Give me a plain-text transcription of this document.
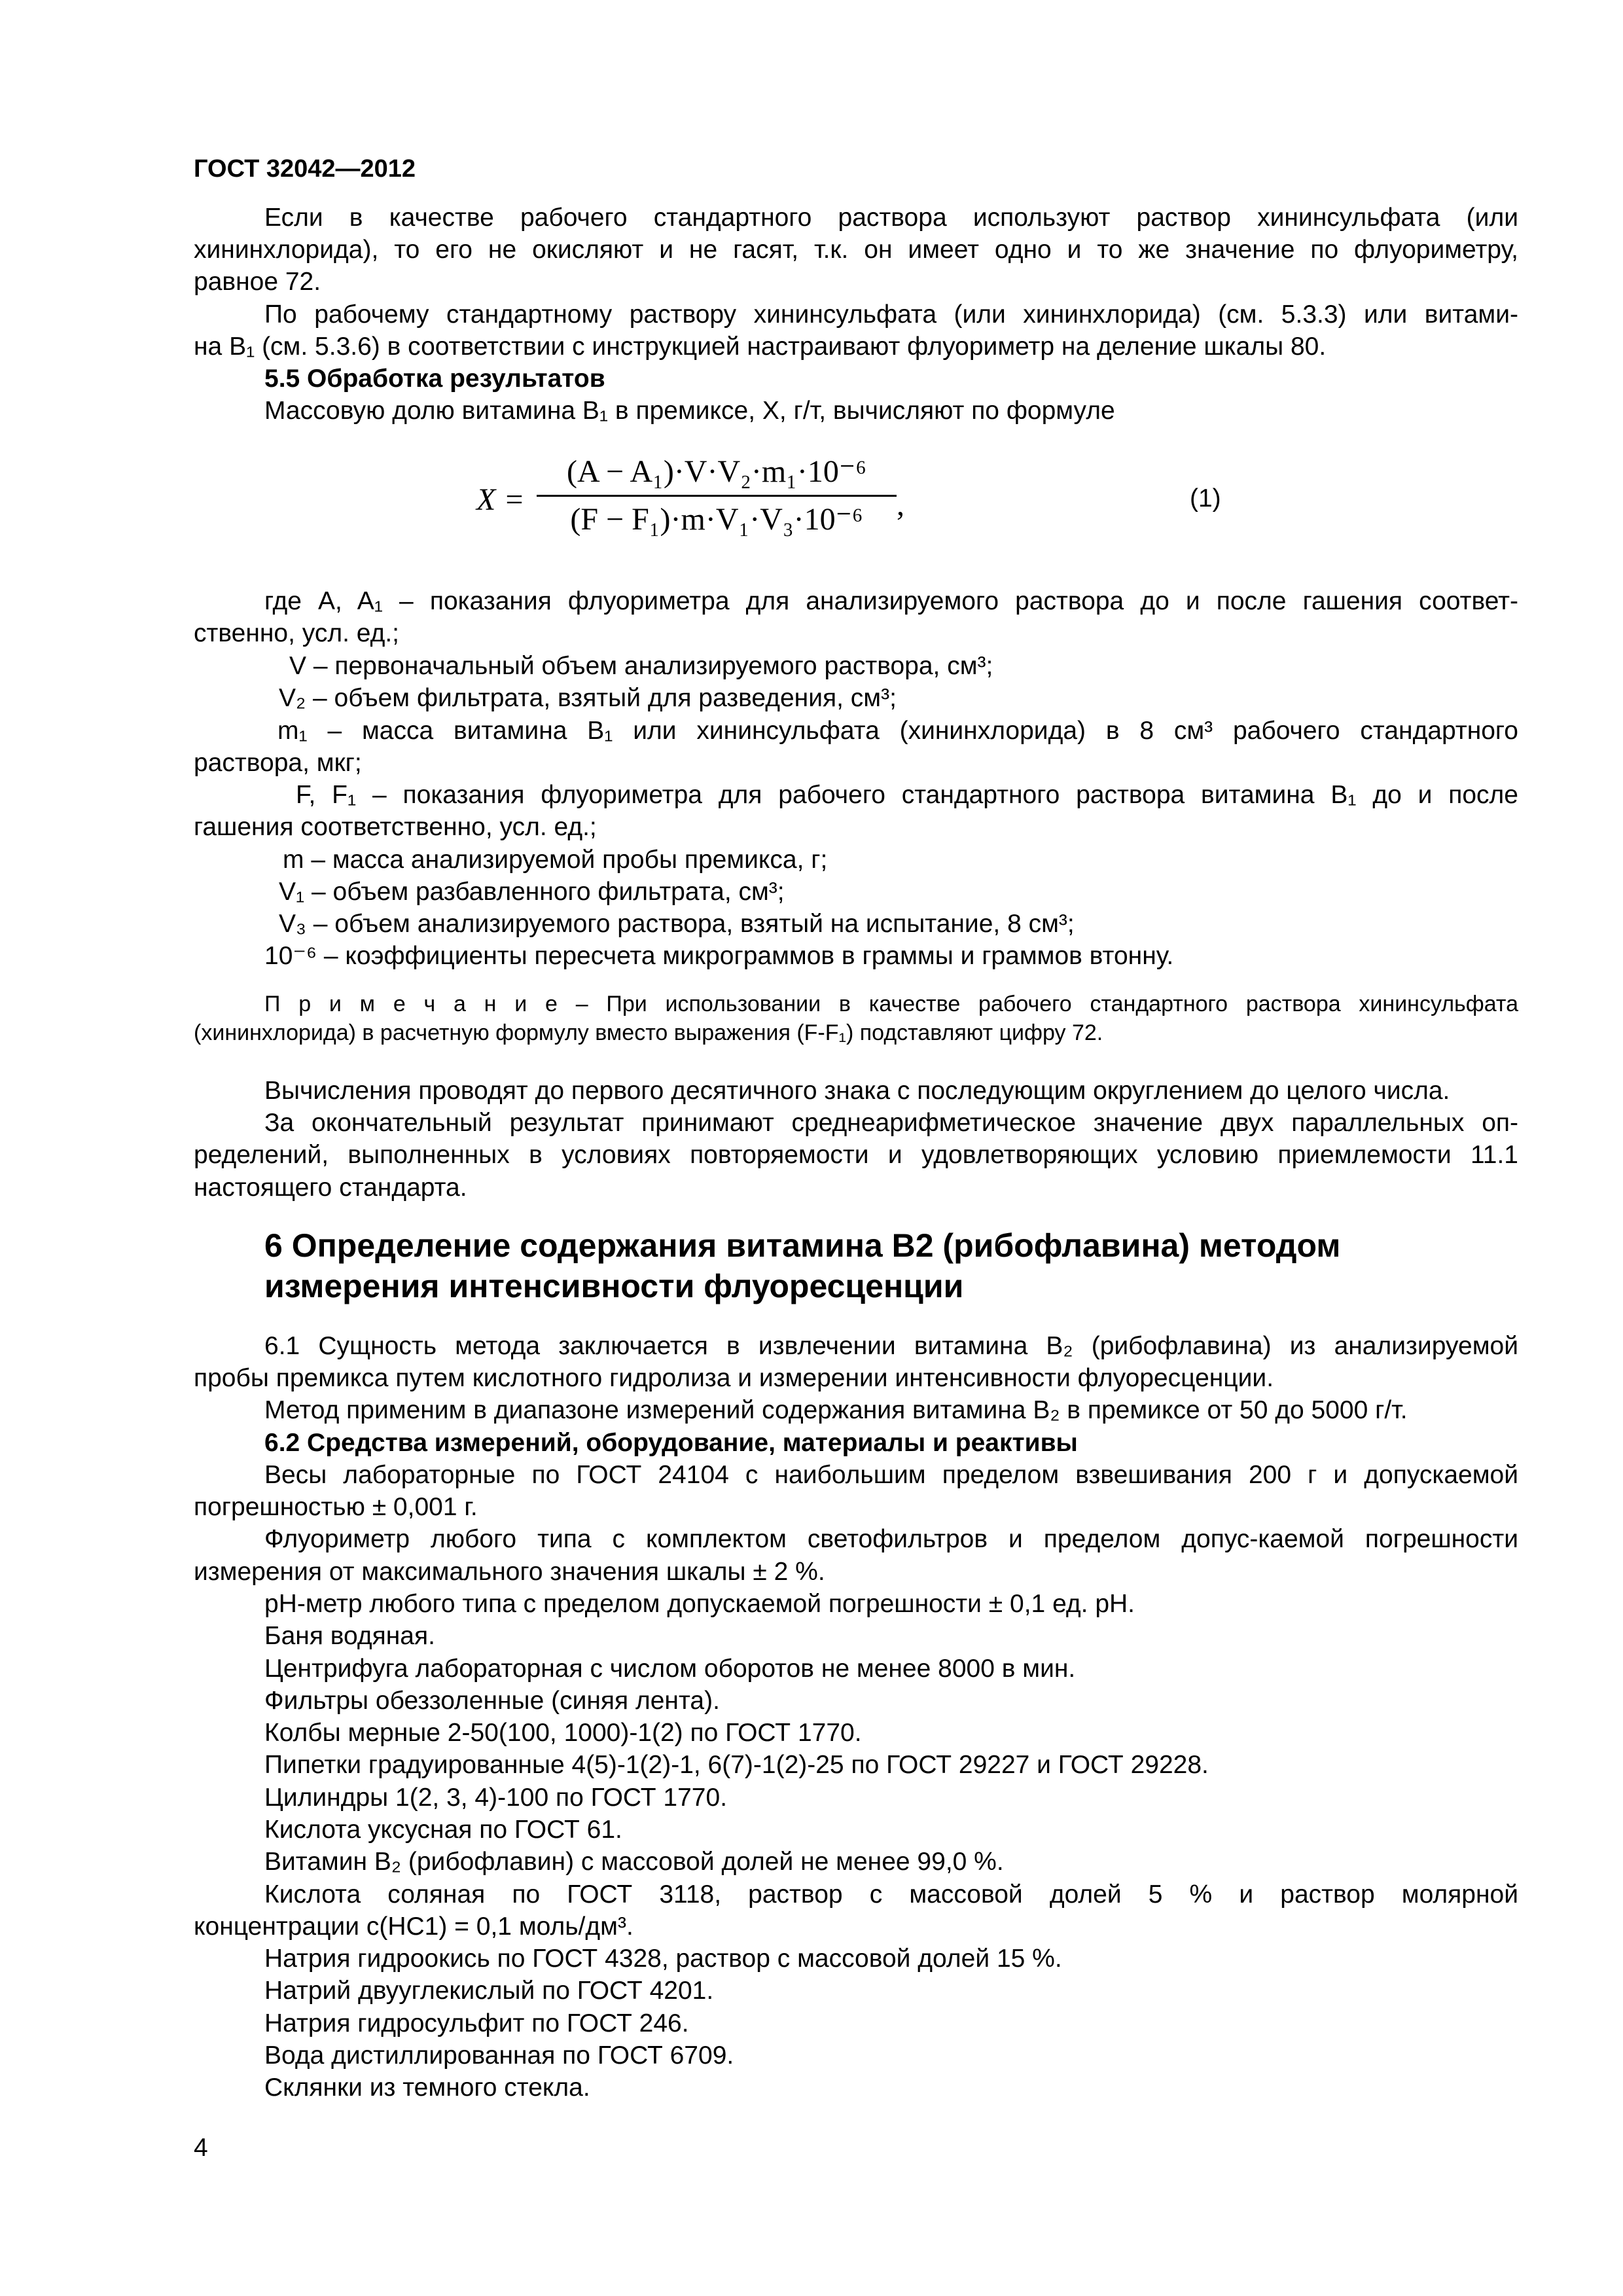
ГОСТ 32042—2012
Если в качестве рабочего стандартного раствора используют раствор хининсульфата (или
хининхлорида), то его не окисляют и не гасят, т.к. он имеет одно и то же значение по флуориметру,
равное 72.
По рабочему стандартному раствору хининсульфата (или хининхлорида) (см. 5.3.3) или витами-
на B₁ (см. 5.3.6) в соответствии с инструкцией настраивают флуориметр на деление шкалы 80.
5.5 Обработка результатов
Массовую долю витамина B₁ в премиксе, X, г/т, вычисляют по формуле
X =
(A − A₁)·V·V₂·m₁·10⁻⁶
(F − F₁)·m·V₁·V₃·10⁻⁶	,	(1)
где A, A₁ – показания флуориметра для анализируемого раствора до и после гашения соответ-
ственно, усл. ед.;
V – первоначальный объем анализируемого раствора, см³;
V₂ – объем фильтрата, взятый для разведения, см³;
m₁ – масса витамина B₁ или хининсульфата (хининхлорида) в 8 см³ рабочего стандартного
раствора, мкг;
F, F₁ – показания флуориметра для рабочего стандартного раствора витамина B₁ до и после
гашения соответственно, усл. ед.;
m – масса анализируемой пробы премикса, г;
V₁ – объем разбавленного фильтрата, см³;
V₃ – объем анализируемого раствора, взятый на испытание, 8 см³;
10⁻⁶ – коэффициенты пересчета микрограммов в граммы и граммов втонну.
П р и м е ч а н и е – При использовании в качестве рабочего стандартного раствора хининсульфата
(хининхлорида) в расчетную формулу вместо выражения (F-F₁) подставляют цифру 72.
Вычисления проводят до первого десятичного знака с последующим округлением до целого числа.
За окончательный результат принимают среднеарифметическое значение двух параллельных оп-
ределений, выполненных в условиях повторяемости и удовлетворяющих условию приемлемости 11.1
настоящего стандарта.
6 Определение содержания витамина B2 (рибофлавина) методом
измерения интенсивности флуоресценции
6.1 Сущность метода заключается в извлечении витамина B₂ (рибофлавина) из анализируемой
пробы премикса путем кислотного гидролиза и измерении интенсивности флуоресценции.
Метод применим в диапазоне измерений содержания витамина B₂ в премиксе от 50 до 5000 г/т.
6.2 Средства измерений, оборудование, материалы и реактивы
Весы лабораторные по ГОСТ 24104 с наибольшим пределом взвешивания 200 г и допускаемой
погрешностью ± 0,001 г.
Флуориметр любого типа с комплектом светофильтров и пределом допус-каемой погрешности
измерения от максимального значения шкалы ± 2 %.
pH-метр любого типа с пределом допускаемой погрешности ± 0,1 ед. pH.
Баня водяная.
Центрифуга лабораторная с числом оборотов не менее 8000 в мин.
Фильтры обеззоленные (синяя лента).
Колбы мерные 2-50(100, 1000)-1(2) по ГОСТ 1770.
Пипетки градуированные 4(5)-1(2)-1, 6(7)-1(2)-25 по ГОСТ 29227 и ГОСТ 29228.
Цилиндры 1(2, 3, 4)-100 по ГОСТ 1770.
Кислота уксусная по ГОСТ 61.
Витамин B₂ (рибофлавин) с массовой долей не менее 99,0 %.
Кислота соляная по ГОСТ 3118, раствор с массовой долей 5 % и раствор молярной
концентрации c(НС1) = 0,1 моль/дм³.
Натрия гидроокись по ГОСТ 4328, раствор с массовой долей 15 %.
Натрий двууглекислый по ГОСТ 4201.
Натрия гидросульфит по ГОСТ 246.
Вода дистиллированная по ГОСТ 6709.
Склянки из темного стекла.
4
